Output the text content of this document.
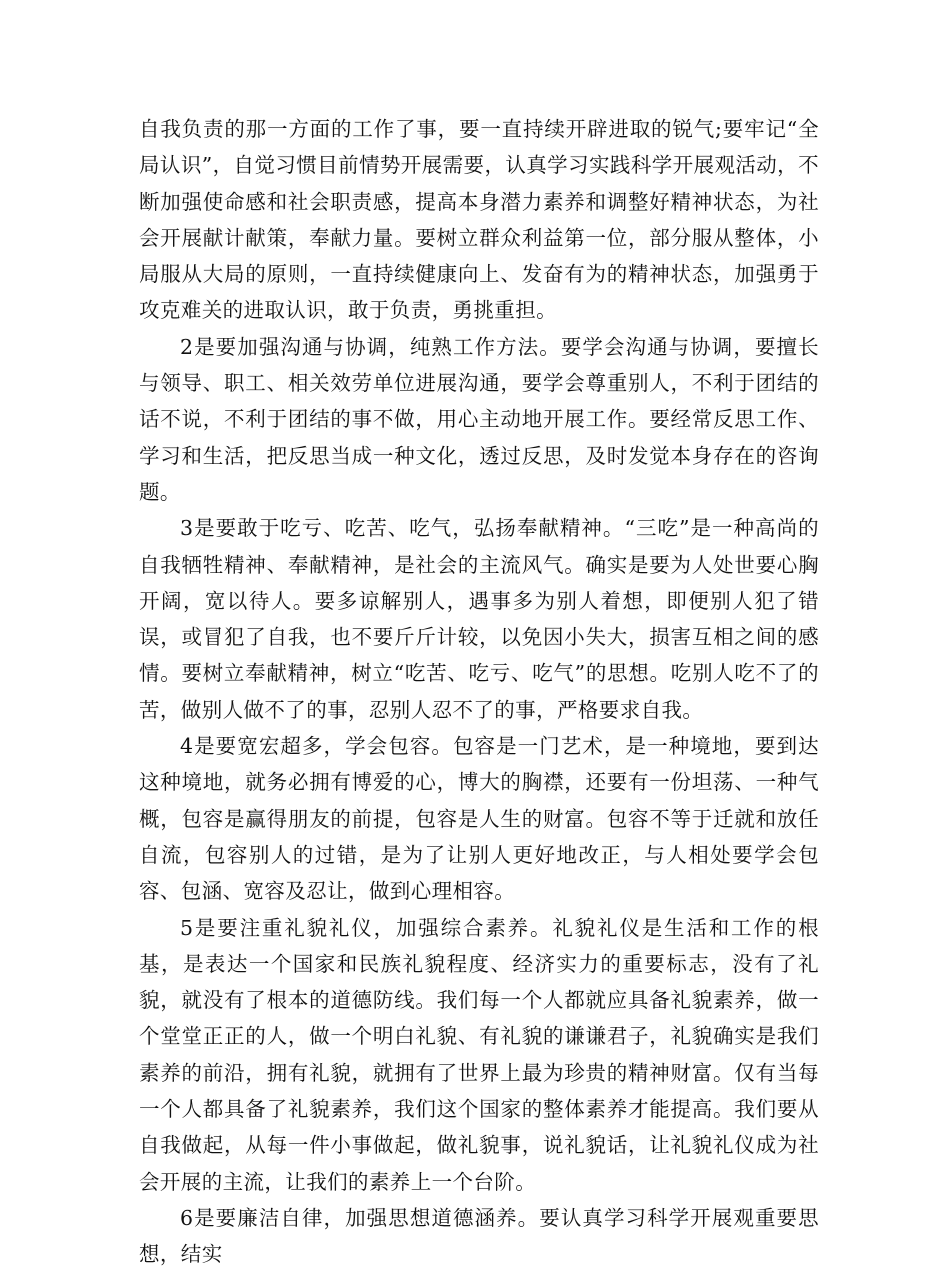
自我负责的那一方面的工作了事，要一直持续开辟进取的锐气;要牢记“全局认识”，自觉习惯目前情势开展需要，认真学习实践科学开展观活动，不断加强使命感和社会职责感，提高本身潜力素养和调整好精神状态，为社会开展献计献策，奉献力量。要树立群众利益第一位，部分服从整体，小局服从大局的原则，一直持续健康向上、发奋有为的精神状态，加强勇于攻克难关的进取认识，敢于负责，勇挑重担。

2是要加强沟通与协调，纯熟工作方法。要学会沟通与协调，要擅长与领导、职工、相关效劳单位进展沟通，要学会尊重别人，不利于团结的话不说，不利于团结的事不做，用心主动地开展工作。要经常反思工作、学习和生活，把反思当成一种文化，透过反思，及时发觉本身存在的咨询题。

3是要敢于吃亏、吃苦、吃气，弘扬奉献精神。“三吃”是一种高尚的自我牺牲精神、奉献精神，是社会的主流风气。确实是要为人处世要心胸开阔，宽以待人。要多谅解别人，遇事多为别人着想，即便别人犯了错误，或冒犯了自我，也不要斤斤计较，以免因小失大，损害互相之间的感情。要树立奉献精神，树立“吃苦、吃亏、吃气”的思想。吃别人吃不了的苦，做别人做不了的事，忍别人忍不了的事，严格要求自我。

4是要宽宏超多，学会包容。包容是一门艺术，是一种境地，要到达这种境地，就务必拥有博爱的心，博大的胸襟，还要有一份坦荡、一种气概，包容是赢得朋友的前提，包容是人生的财富。包容不等于迁就和放任自流，包容别人的过错，是为了让别人更好地改正，与人相处要学会包容、包涵、宽容及忍让，做到心理相容。

5是要注重礼貌礼仪，加强综合素养。礼貌礼仪是生活和工作的根基，是表达一个国家和民族礼貌程度、经济实力的重要标志，没有了礼貌，就没有了根本的道德防线。我们每一个人都就应具备礼貌素养，做一个堂堂正正的人，做一个明白礼貌、有礼貌的谦谦君子，礼貌确实是我们素养的前沿，拥有礼貌，就拥有了世界上最为珍贵的精神财富。仅有当每一个人都具备了礼貌素养，我们这个国家的整体素养才能提高。我们要从自我做起，从每一件小事做起，做礼貌事，说礼貌话，让礼貌礼仪成为社会开展的主流，让我们的素养上一个台阶。

6是要廉洁自律，加强思想道德涵养。要认真学习科学开展观重要思想，结实
